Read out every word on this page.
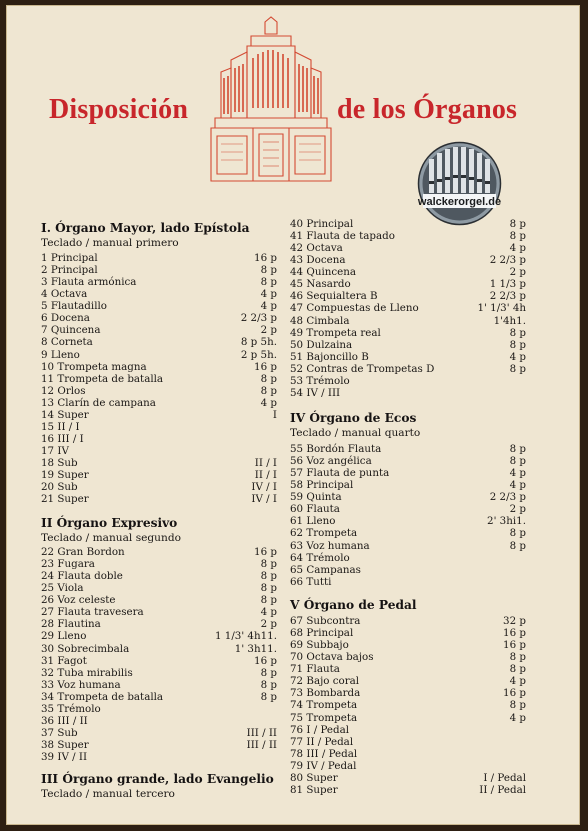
Disposición	de los Órganos
walckerorgel.de
I. Órgano Mayor, lado Epístola
Teclado / manual primero
1 Principal	16 p
2 Principal	8 p
3 Flauta armónica	8 p
4 Octava	4 p
5 Flautadillo	4 p
6 Docena	2 2/3 p
7 Quincena	2 p
8 Corneta	8 p 5h.
9 Lleno	2 p 5h.
10 Trompeta magna	16 p
11 Trompeta de batalla	8 p
12 Orlos	8 p
13 Clarín de campana	4 p
14 Super	I
15 II / I
16 III / I
17 IV
18 Sub	II / I
19 Super	II / I
20 Sub	IV / I
21 Super	IV / I
II Órgano Expresivo
Teclado / manual segundo
22 Gran Bordon	16 p
23 Fugara	8 p
24 Flauta doble	8 p
25 Viola	8 p
26 Voz celeste	8 p
27 Flauta travesera	4 p
28 Flautina	2 p
29 Lleno	1 1/3' 4h11.
30 Sobrecimbala	1' 3h11.
31 Fagot	16 p
32 Tuba mirabilis	8 p
33 Voz humana	8 p
34 Trompeta de batalla	8 p
35 Trémolo
36 III / II
37 Sub	III / II
38 Super	III / II
39 IV / II
III Órgano grande, lado Evangelio
Teclado / manual tercero
40 Principal	8 p
41 Flauta de tapado	8 p
42 Octava	4 p
43 Docena	2 2/3 p
44 Quincena	2 p
45 Nasardo	1 1/3 p
46 Sequialtera B	2 2/3 p
47 Compuestas de Lleno	1' 1/3' 4h
48 Cimbala	1'4h1.
49 Trompeta real	8 p
50 Dulzaina	8 p
51 Bajoncillo B	4 p
52 Contras de Trompetas D	8 p
53 Trémolo
54 IV / III
IV Órgano de Ecos
Teclado / manual quarto
55 Bordón Flauta	8 p
56 Voz angélica	8 p
57 Flauta de punta	4 p
58 Principal	4 p
59 Quinta	2 2/3 p
60 Flauta	2 p
61 Lleno	2' 3hi1.
62 Trompeta	8 p
63 Voz humana	8 p
64 Trémolo
65 Campanas
66 Tutti
V Órgano de Pedal
67 Subcontra	32 p
68 Principal	16 p
69 Subbajo	16 p
70 Octava bajos	8 p
71 Flauta	8 p
72 Bajo coral	4 p
73 Bombarda	16 p
74 Trompeta	8 p
75 Trompeta	4 p
76 I / Pedal
77 II / Pedal
78 III / Pedal
79 IV / Pedal
80 Super	I / Pedal
81 Super	II / Pedal
